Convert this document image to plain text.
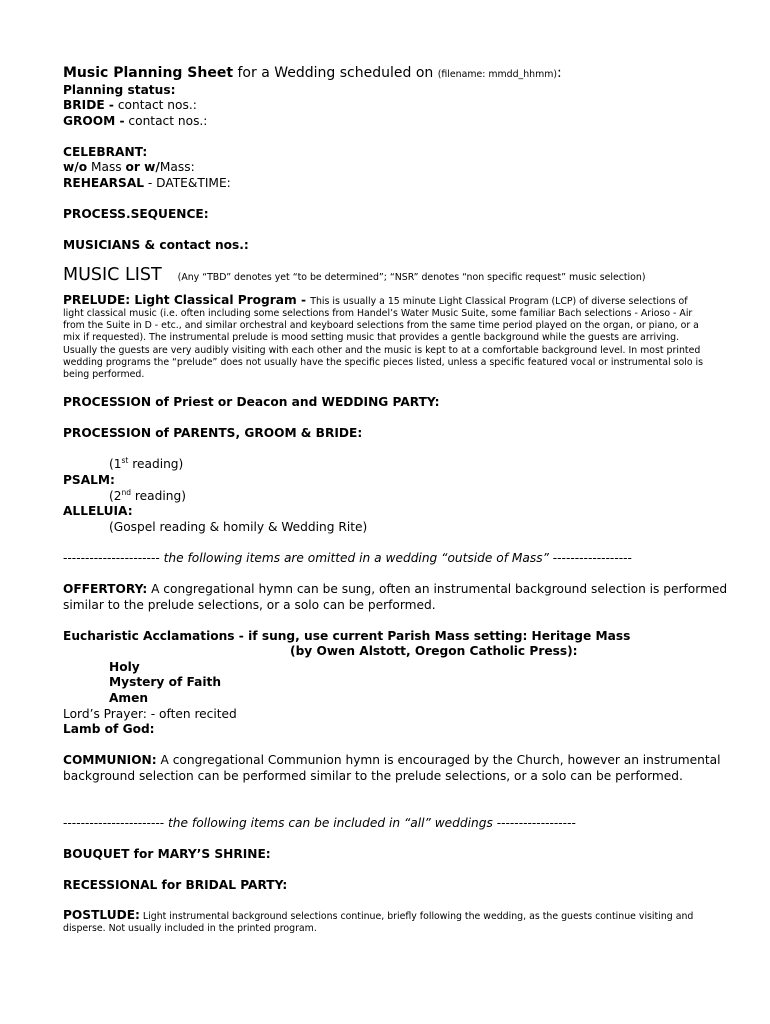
Music Planning Sheet for a Wedding scheduled on (filename: mmdd_hhmm):
Planning status:
BRIDE - contact nos.:
GROOM - contact nos.:
CELEBRANT:
w/o Mass or w/Mass:
REHEARSAL - DATE&TIME:
PROCESS.SEQUENCE:
MUSICIANS & contact nos.:
MUSIC LIST (Any “TBD” denotes yet “to be determined”; “NSR” denotes “non specific request” music selection)
PRELUDE: Light Classical Program - This is usually a 15 minute Light Classical Program (LCP) of diverse selections of light classical music (i.e. often including some selections from Handel’s Water Music Suite, some familiar Bach selections - Arioso - Air from the Suite in D - etc., and similar orchestral and keyboard selections from the same time period played on the organ, or piano, or a mix if requested). The instrumental prelude is mood setting music that provides a gentle background while the guests are arriving. Usually the guests are very audibly visiting with each other and the music is kept to at a comfortable background level. In most printed wedding programs the “prelude” does not usually have the specific pieces listed, unless a specific featured vocal or instrumental solo is being performed.
PROCESSION of Priest or Deacon and WEDDING PARTY:
PROCESSION of PARENTS, GROOM & BRIDE:
(1st reading)
PSALM:
(2nd reading)
ALLELUIA:
(Gospel reading & homily & Wedding Rite)
---------------------- the following items are omitted in a wedding “outside of Mass” ------------------
OFFERTORY: A congregational hymn can be sung, often an instrumental background selection is performed
similar to the prelude selections, or a solo can be performed.
Eucharistic Acclamations - if sung, use current Parish Mass setting: Heritage Mass
(by Owen Alstott, Oregon Catholic Press):
Holy
Mystery of Faith
Amen
Lord’s Prayer: - often recited
Lamb of God:
COMMUNION: A congregational Communion hymn is encouraged by the Church, however an instrumental
background selection can be performed similar to the prelude selections, or a solo can be performed.
----------------------- the following items can be included in “all” weddings ------------------
BOUQUET for MARY’S SHRINE:
RECESSIONAL for BRIDAL PARTY:
POSTLUDE: Light instrumental background selections continue, briefly following the wedding, as the guests continue visiting and disperse. Not usually included in the printed program.
